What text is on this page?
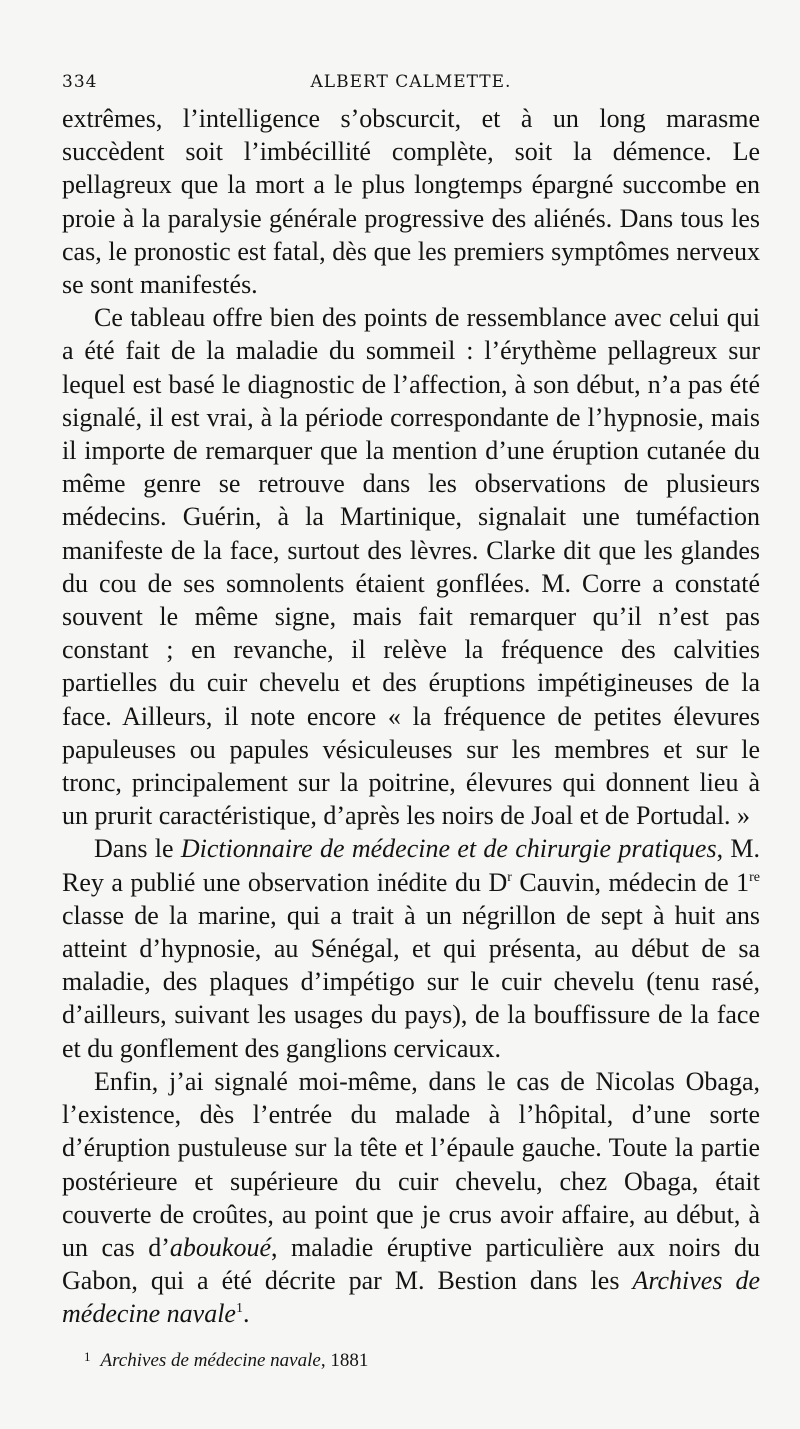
334	ALBERT CALMETTE.

extrêmes, l’intelligence s’obscurcit, et à un long marasme succèdent soit l’imbécillité complète, soit la démence. Le pellagreux que la mort a le plus longtemps épargné succombe en proie à la paralysie générale progressive des aliénés. Dans tous les cas, le pronostic est fatal, dès que les premiers symptômes nerveux se sont manifestés.

Ce tableau offre bien des points de ressemblance avec celui qui a été fait de la maladie du sommeil : l’érythème pellagreux sur lequel est basé le diagnostic de l’affection, à son début, n’a pas été signalé, il est vrai, à la période correspondante de l’hypnosie, mais il importe de remarquer que la mention d’une éruption cutanée du même genre se retrouve dans les observations de plusieurs médecins. Guérin, à la Martinique, signalait une tuméfaction manifeste de la face, surtout des lèvres. Clarke dit que les glandes du cou de ses somnolents étaient gonflées. M. Corre a constaté souvent le même signe, mais fait remarquer qu’il n’est pas constant ; en revanche, il relève la fréquence des calvities partielles du cuir chevelu et des éruptions impétigineuses de la face. Ailleurs, il note encore « la fréquence de petites élevures papuleuses ou papules vésiculeuses sur les membres et sur le tronc, principalement sur la poitrine, élevures qui donnent lieu à un prurit caractéristique, d’après les noirs de Joal et de Portudal. »

Dans le Dictionnaire de médecine et de chirurgie pratiques, M. Rey a publié une observation inédite du $D^r$ Cauvin, médecin de 1re classe de la marine, qui a trait à un négrillon de sept à huit ans atteint d’hypnosie, au Sénégal, et qui présenta, au début de sa maladie, des plaques d’impétigo sur le cuir chevelu (tenu rasé, d’ailleurs, suivant les usages du pays), de la bouffissure de la face et du gonflement des ganglions cervicaux.

Enfin, j’ai signalé moi-même, dans le cas de Nicolas Obaga, l’existence, dès l’entrée du malade à l’hôpital, d’une sorte d’éruption pustuleuse sur la tête et l’épaule gauche. Toute la partie postérieure et supérieure du cuir chevelu, chez Obaga, était couverte de croûtes, au point que je crus avoir affaire, au début, à un cas d’aboukoué, maladie éruptive particulière aux noirs du Gabon, qui a été décrite par M. Bestion dans les Archives de médecine navale$^1$.

$^1$ Archives de médecine navale, 1881
